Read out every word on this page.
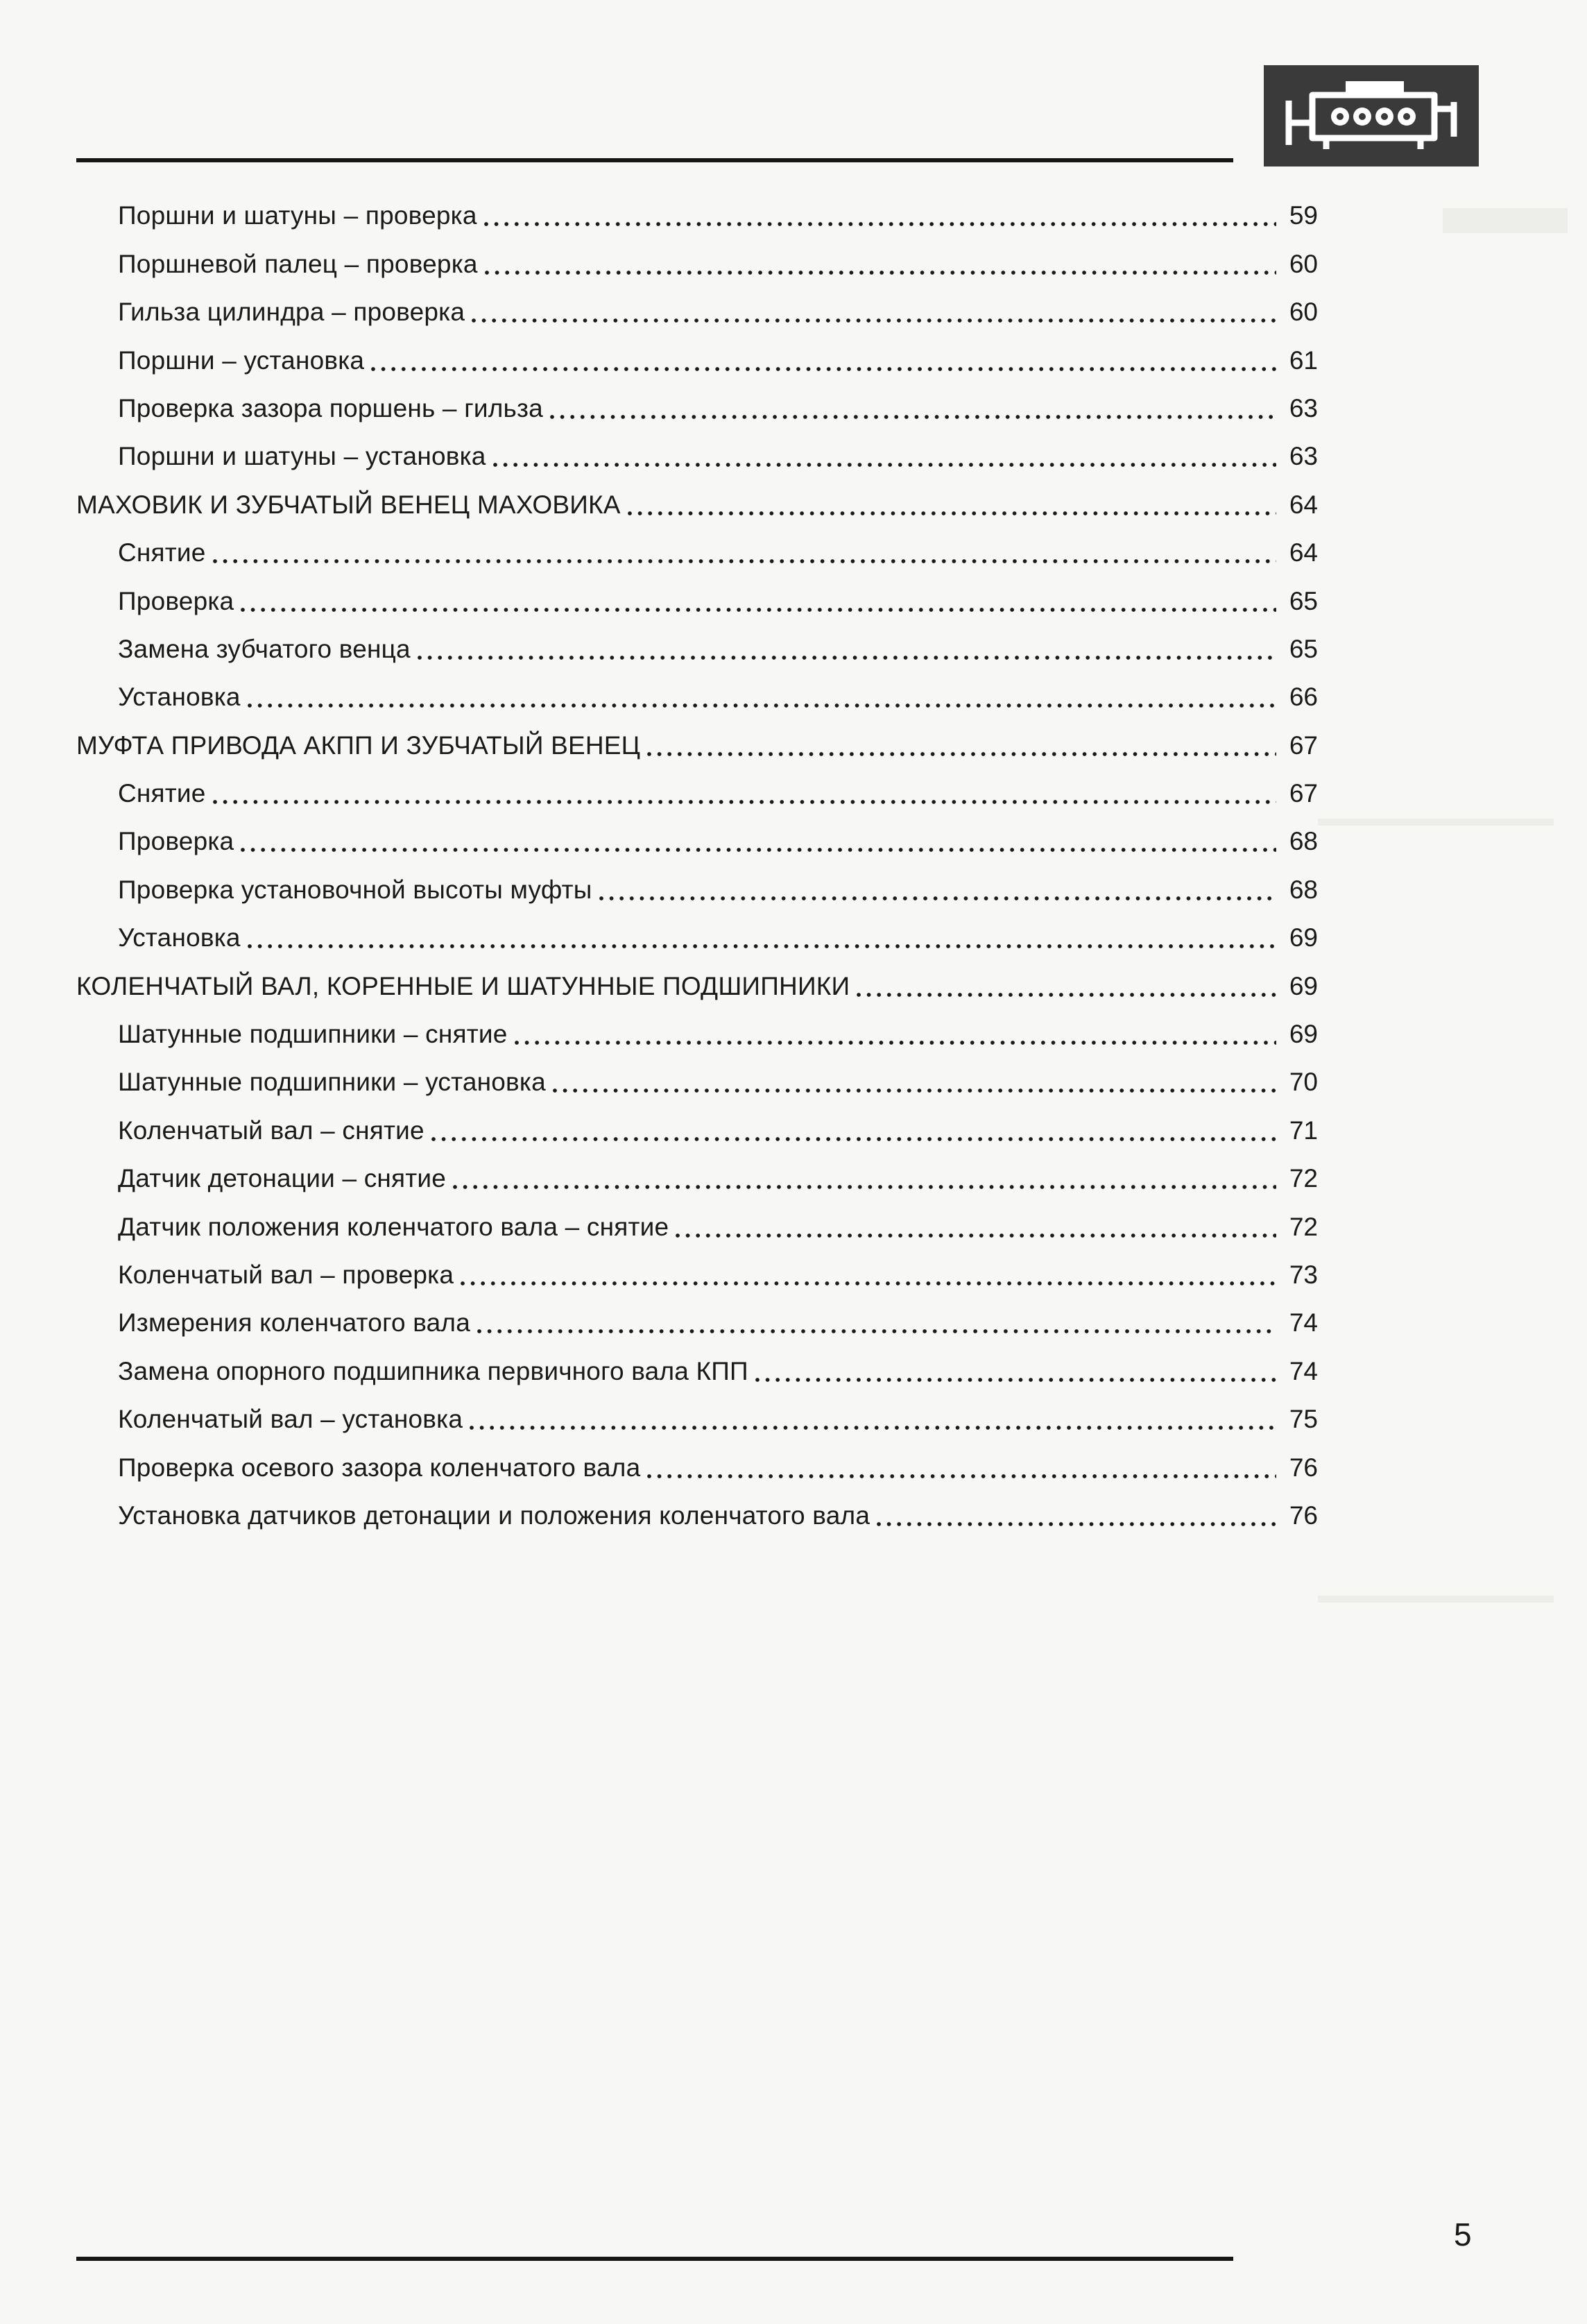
Поршни и шатуны – проверка	59
Поршневой палец – проверка	60
Гильза цилиндра – проверка	60
Поршни – установка	61
Проверка зазора поршень – гильза	63
Поршни и шатуны – установка	63
МАХОВИК И ЗУБЧАТЫЙ ВЕНЕЦ МАХОВИКА	64
Снятие	64
Проверка	65
Замена зубчатого венца	65
Установка	66
МУФТА ПРИВОДА АКПП И ЗУБЧАТЫЙ ВЕНЕЦ	67
Снятие	67
Проверка	68
Проверка установочной высоты муфты	68
Установка	69
КОЛЕНЧАТЫЙ ВАЛ, КОРЕННЫЕ И ШАТУННЫЕ ПОДШИПНИКИ	69
Шатунные подшипники – снятие	69
Шатунные подшипники – установка	70
Коленчатый вал – снятие	71
Датчик детонации – снятие	72
Датчик положения коленчатого вала – снятие	72
Коленчатый вал – проверка	73
Измерения коленчатого вала	74
Замена опорного подшипника первичного вала КПП	74
Коленчатый вал – установка	75
Проверка осевого зазора коленчатого вала	76
Установка датчиков детонации и положения коленчатого вала	76
5
